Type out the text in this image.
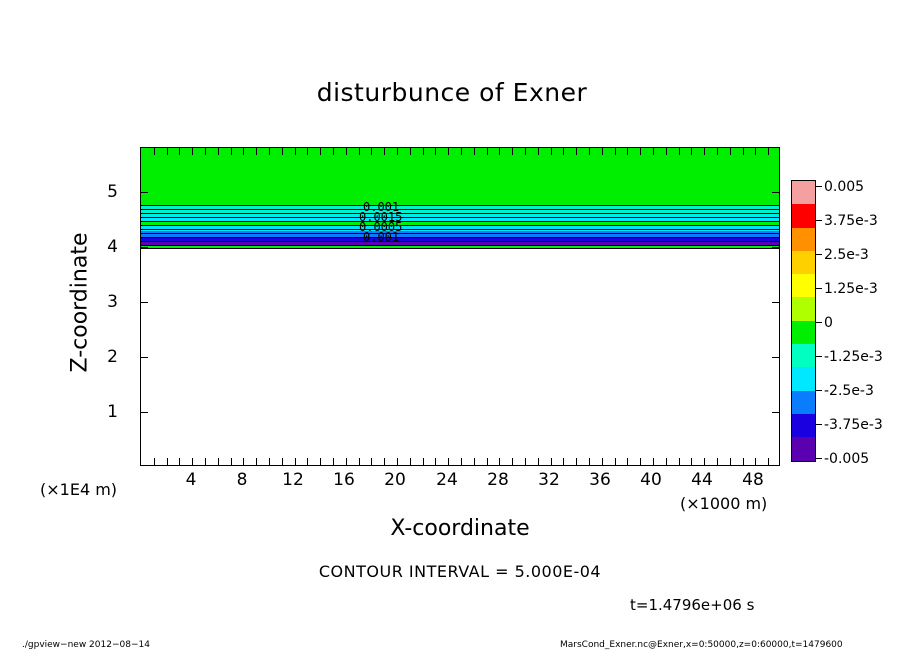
disturbunce of Exner
0.001
0.0015
0.0005
0.001
1
2
3
4
5
4	8	12	16	20	24	28	32	36	40	44	48
Z-coordinate
X-coordinate
(×1E4 m)
(×1000 m)
0.005
3.75e-3
2.5e-3
1.25e-3
0
-1.25e-3
-2.5e-3
-3.75e-3
-0.005
CONTOUR INTERVAL = 5.000E-04
t=1.4796e+06 s
./gpview−new 2012−08−14	MarsCond_Exner.nc@Exner,x=0:50000,z=0:60000,t=1479600
